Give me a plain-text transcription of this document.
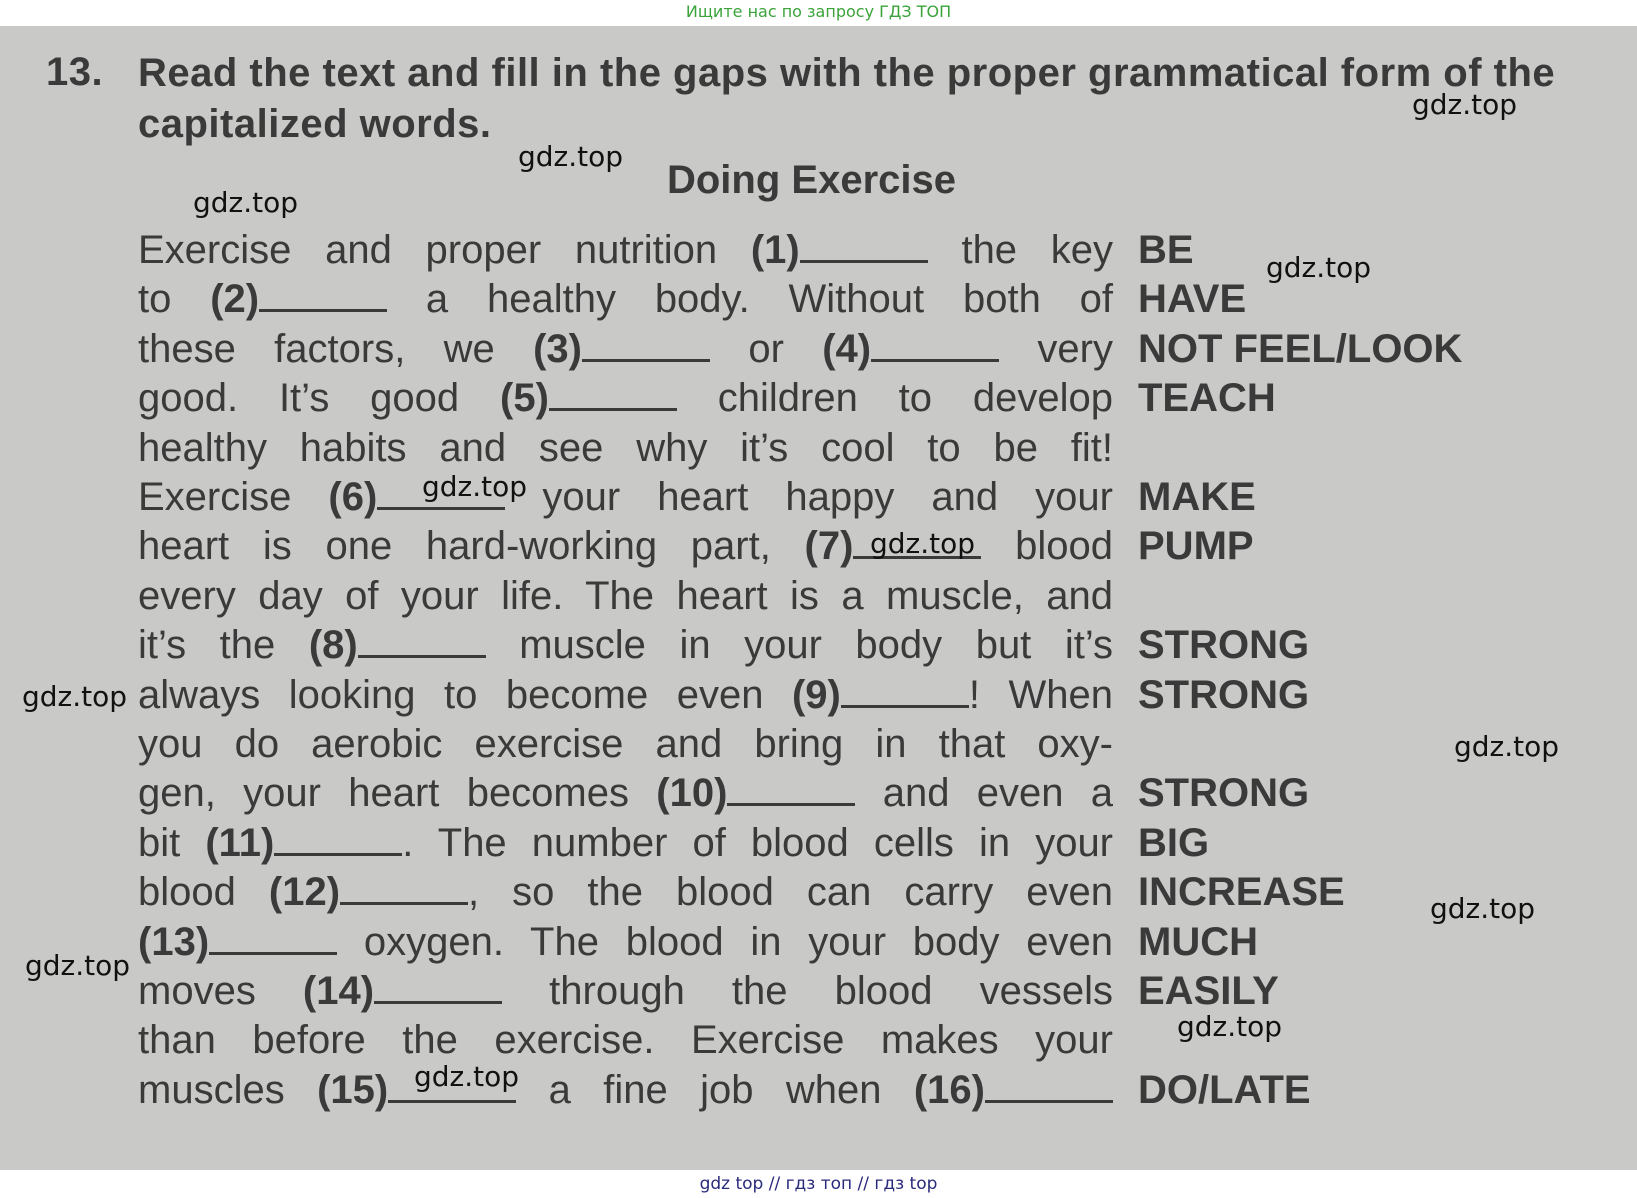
Ищите нас по запросу ГДЗ ТОП
13. Read the text and fill in the gaps with the proper grammatical form of the capitalized words.
Doing Exercise
Exercise and proper nutrition (1)	the key BE
to (2)	a healthy body. Without both of HAVE
these factors, we (3)	or (4)	very NOT FEEL/LOOK
good. It’s good (5)	children to develop TEACH
healthy habits and see why it’s cool to be fit!
Exercise (6)	your heart happy and your MAKE
heart is one hard-working part, (7)	blood PUMP
every day of your life. The heart is a muscle, and
it’s the (8)	muscle in your body but it’s STRONG
always looking to become even (9)	! When STRONG
you do aerobic exercise and bring in that oxy-
gen, your heart becomes (10)	and even a STRONG
bit (11)	. The number of blood cells in your BIG
blood (12)	, so the blood can carry even INCREASE
(13)	oxygen. The blood in your body even MUCH
moves (14)	through the blood vessels EASILY
than before the exercise. Exercise makes your
muscles (15)	a fine job when (16)	DO/LATE
gdz.top
gdz.top
gdz.top
gdz.top
gdz.top
gdz.top
gdz.top
gdz.top
gdz.top
gdz.top
gdz.top
gdz.top
gdz top // гдз топ // гдз top
